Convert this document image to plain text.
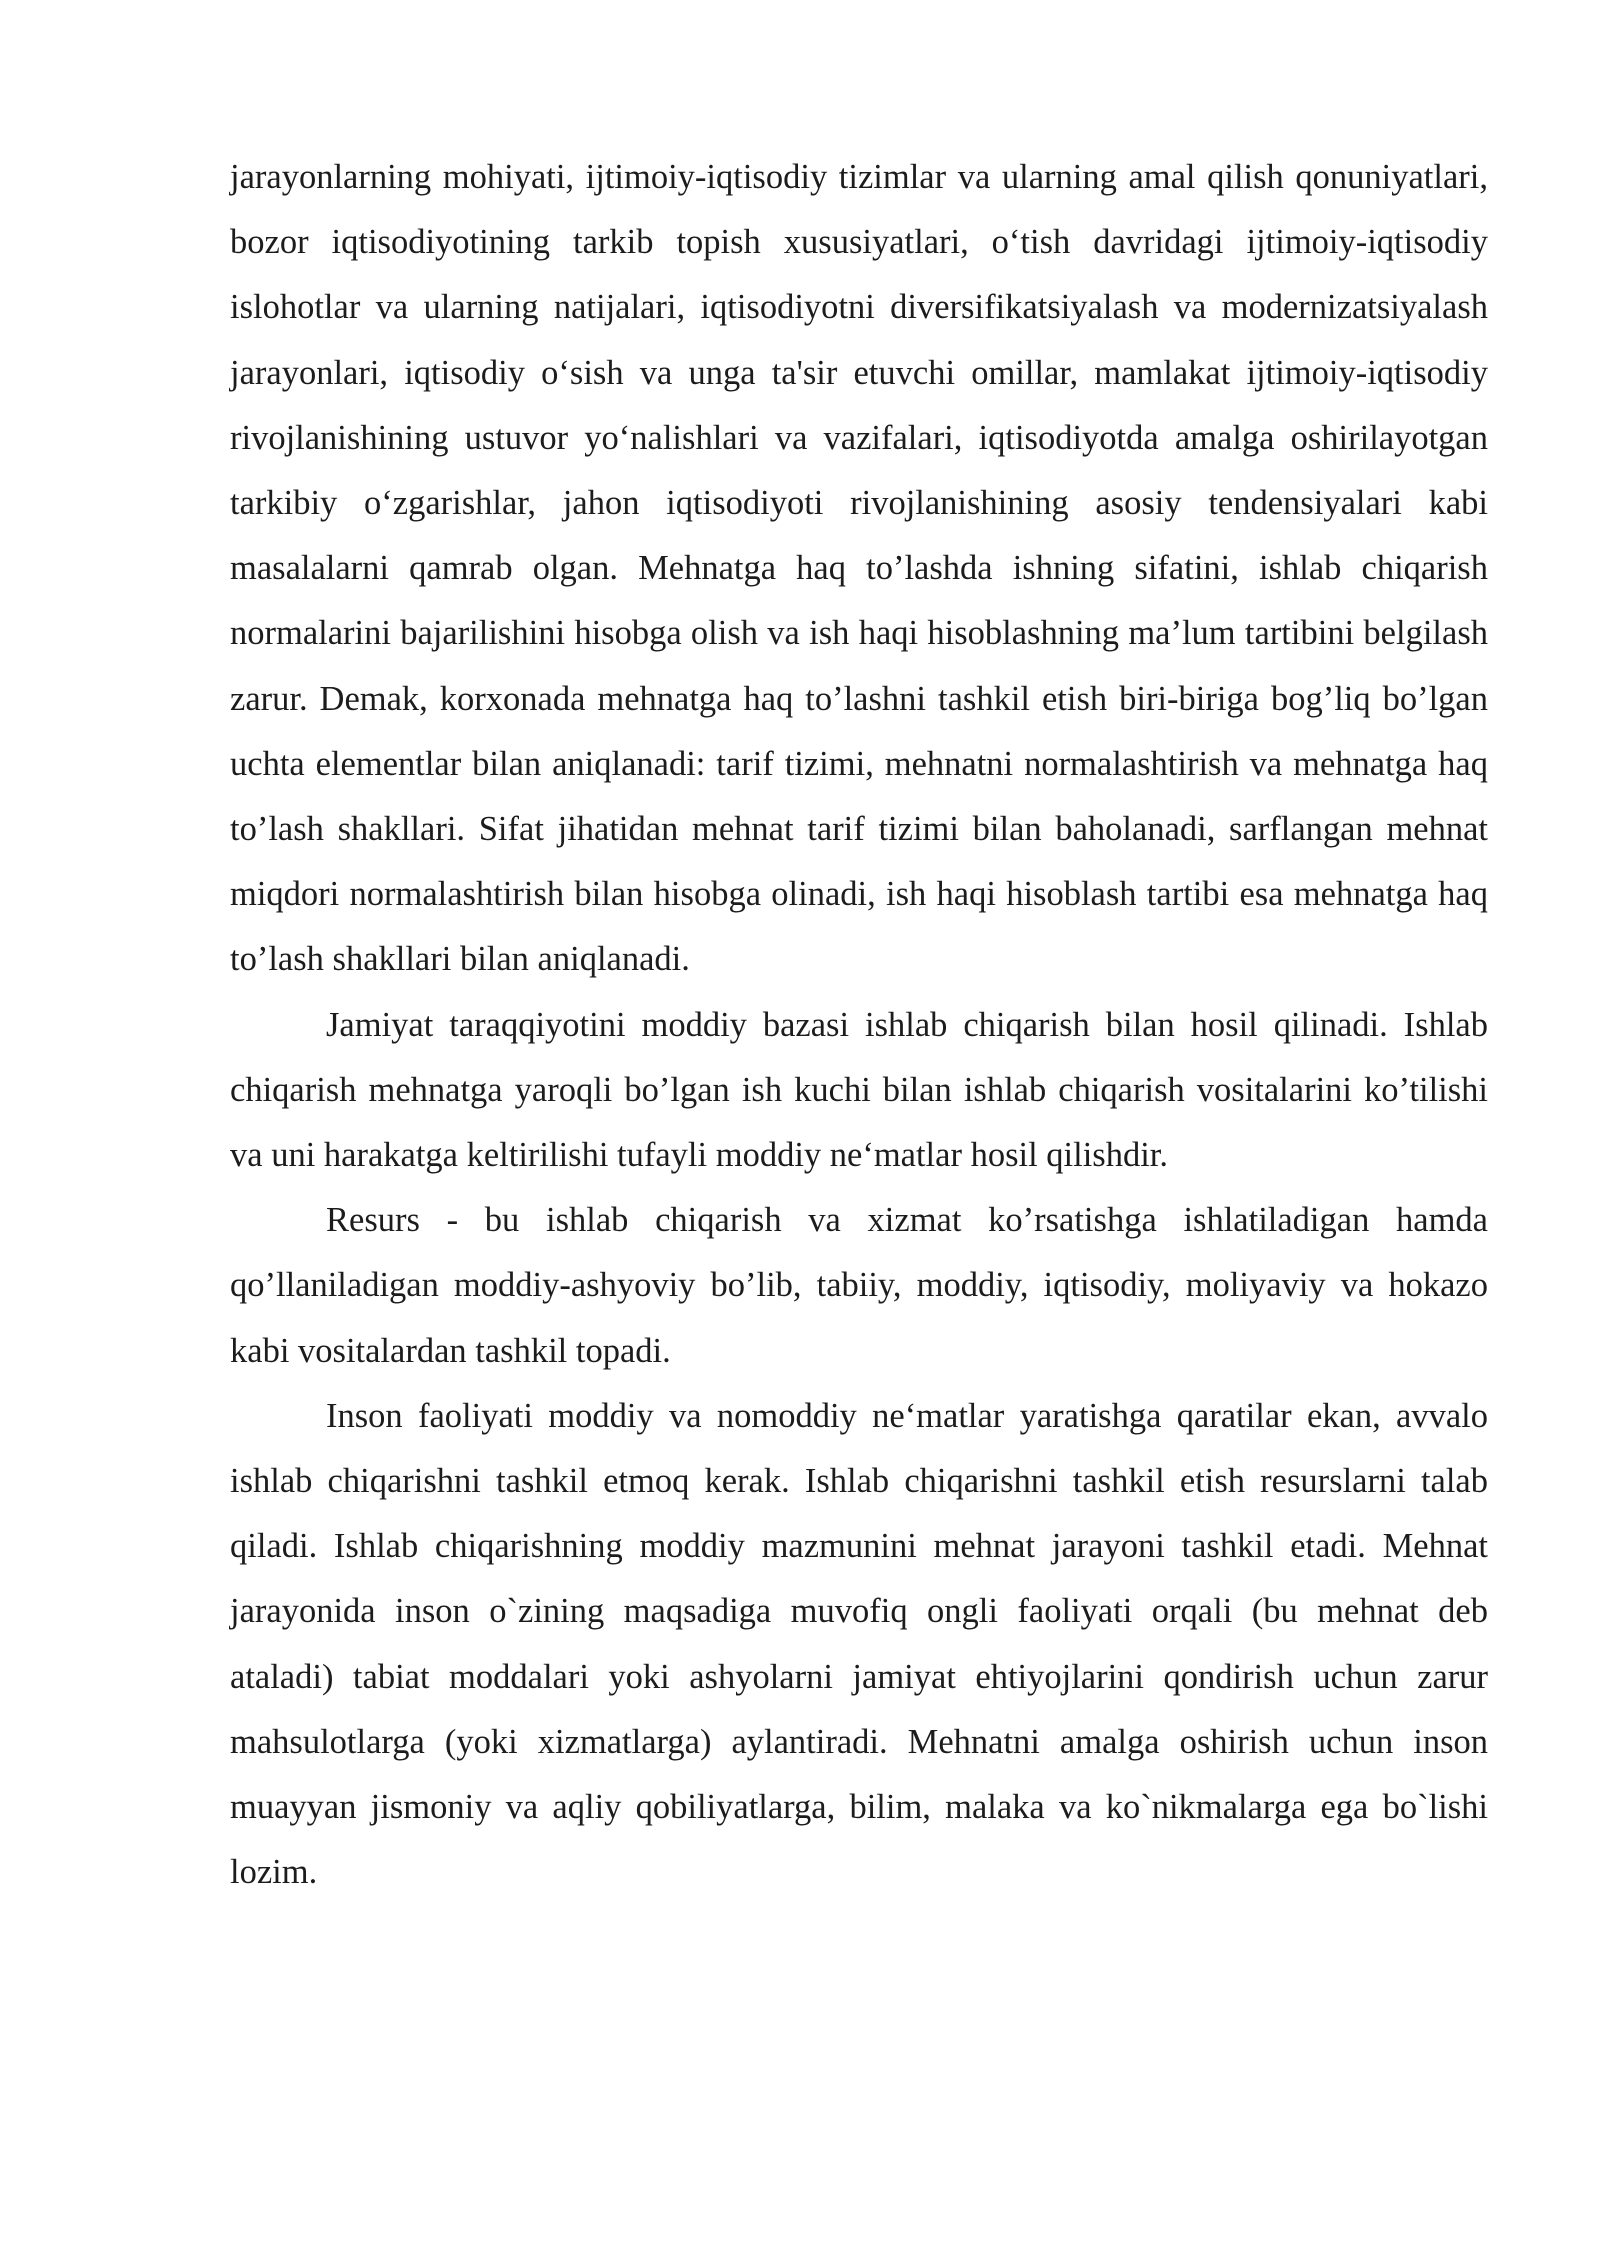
jarayonlarning mohiyati, ijtimoiy-iqtisodiy tizimlar va ularning amal qilish qonuniyatlari, bozor iqtisodiyotining tarkib topish xususiyatlari, o‘tish davridagi ijtimoiy-iqtisodiy islohotlar va ularning natijalari, iqtisodiyotni diversifikatsiyalash va modernizatsiyalash jarayonlari, iqtisodiy o‘sish va unga ta'sir etuvchi omillar, mamlakat ijtimoiy-iqtisodiy rivojlanishining ustuvor yo‘nalishlari va vazifalari, iqtisodiyotda amalga oshirilayotgan tarkibiy o‘zgarishlar, jahon iqtisodiyoti rivojlanishining asosiy tendensiyalari kabi masalalarni qamrab olgan. Mehnatga haq to’lashda ishning sifatini, ishlab chiqarish normalarini bajarilishini hisobga olish va ish haqi hisoblashning ma’lum tartibini belgilash zarur. Demak, korxonada mehnatga haq to’lashni tashkil etish biri-biriga bog’liq bo’lgan uchta elementlar bilan aniqlanadi: tarif tizimi, mehnatni normalashtirish va mehnatga haq to’lash shakllari. Sifat jihatidan mehnat tarif tizimi bilan baholanadi, sarflangan mehnat miqdori normalashtirish bilan hisobga olinadi, ish haqi hisoblash tartibi esa mehnatga haq to’lash shakllari bilan aniqlanadi.

Jamiyat taraqqiyotini moddiy bazasi ishlab chiqarish bilan hosil qilinadi. Ishlab chiqarish mehnatga yaroqli bo’lgan ish kuchi bilan ishlab chiqarish vositalarini ko’tilishi va uni harakatga keltirilishi tufayli moddiy ne‘matlar hosil qilishdir.

Resurs - bu ishlab chiqarish va xizmat ko’rsatishga ishlatiladigan hamda qo’llaniladigan moddiy-ashyoviy bo’lib, tabiiy, moddiy, iqtisodiy, moliyaviy va hokazo kabi vositalardan tashkil topadi.

Inson faoliyati moddiy va nomoddiy ne‘matlar yaratishga qaratilar ekan, avvalo ishlab chiqarishni tashkil etmoq kerak. Ishlab chiqarishni tashkil etish resurslarni talab qiladi. Ishlab chiqarishning moddiy mazmunini mehnat jarayoni tashkil etadi. Mehnat jarayonida inson o`zining maqsadiga muvofiq ongli faoliyati orqali (bu mehnat deb ataladi) tabiat moddalari yoki ashyolarni jamiyat ehtiyojlarini qondirish uchun zarur mahsulotlarga (yoki xizmatlarga) aylantiradi. Mehnatni amalga oshirish uchun inson muayyan jismoniy va aqliy qobiliyatlarga, bilim, malaka va ko`nikmalarga ega bo`lishi lozim.
